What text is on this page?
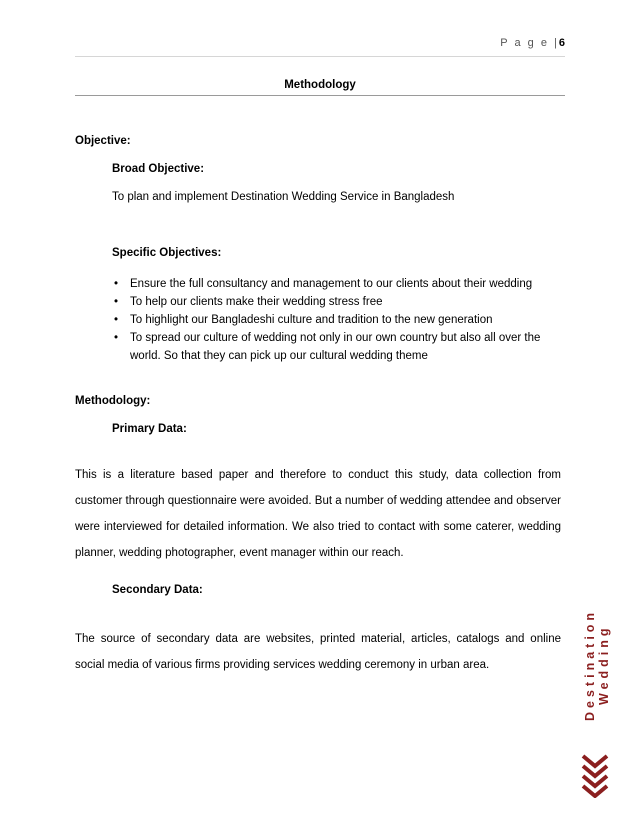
P a g e |6
Methodology
Objective:
Broad Objective:
To plan and implement Destination Wedding Service in Bangladesh
Specific Objectives:
• Ensure the full consultancy and management to our clients about their wedding
• To help our clients make their wedding stress free
• To highlight our Bangladeshi culture and tradition to the new generation
• To spread our culture of wedding not only in our own country but also all over the world. So that they can pick up our cultural wedding theme
Methodology:
Primary Data:
This is a literature based paper and therefore to conduct this study, data collection from customer through questionnaire were avoided. But a number of wedding attendee and observer were interviewed for detailed information. We also tried to contact with some caterer, wedding planner, wedding photographer, event manager within our reach.
Secondary Data:
The source of secondary data are websites, printed material, articles, catalogs and online social media of various firms providing services wedding ceremony in urban area.	Destination Wedding
